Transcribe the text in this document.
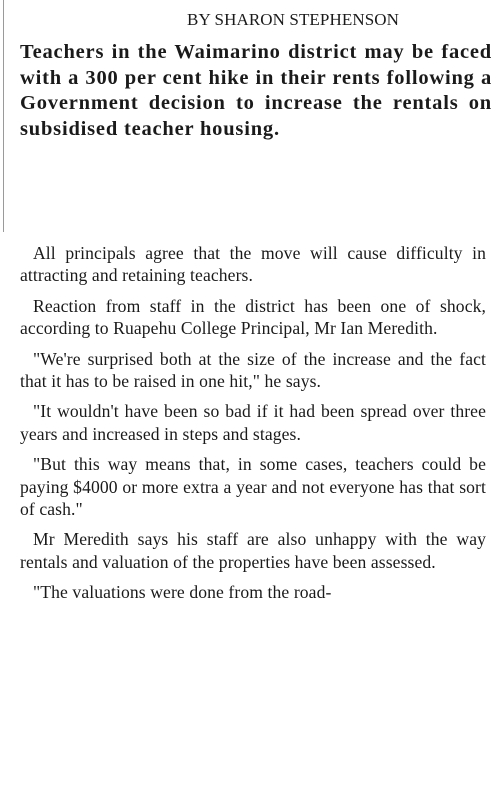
BY SHARON STEPHENSON

Teachers in the Waimarino district may be faced with a 300 per cent hike in their rents following a Government decision to increase the rentals on subsidised teacher housing.

All principals agree that the move will cause difficulty in attracting and retaining teachers.

Reaction from staff in the district has been one of shock, according to Ruapehu College Principal, Mr Ian Meredith.

"We're surprised both at the size of the increase and the fact that it has to be raised in one hit," he says.

"It wouldn't have been so bad if it had been spread over three years and increased in steps and stages.

"But this way means that, in some cases, teachers could be paying $4000 or more extra a year and not everyone has that sort of cash."

Mr Meredith says his staff are also unhappy with the way rentals and valuation of the properties have been assessed.

"The valuations were done from the road-
